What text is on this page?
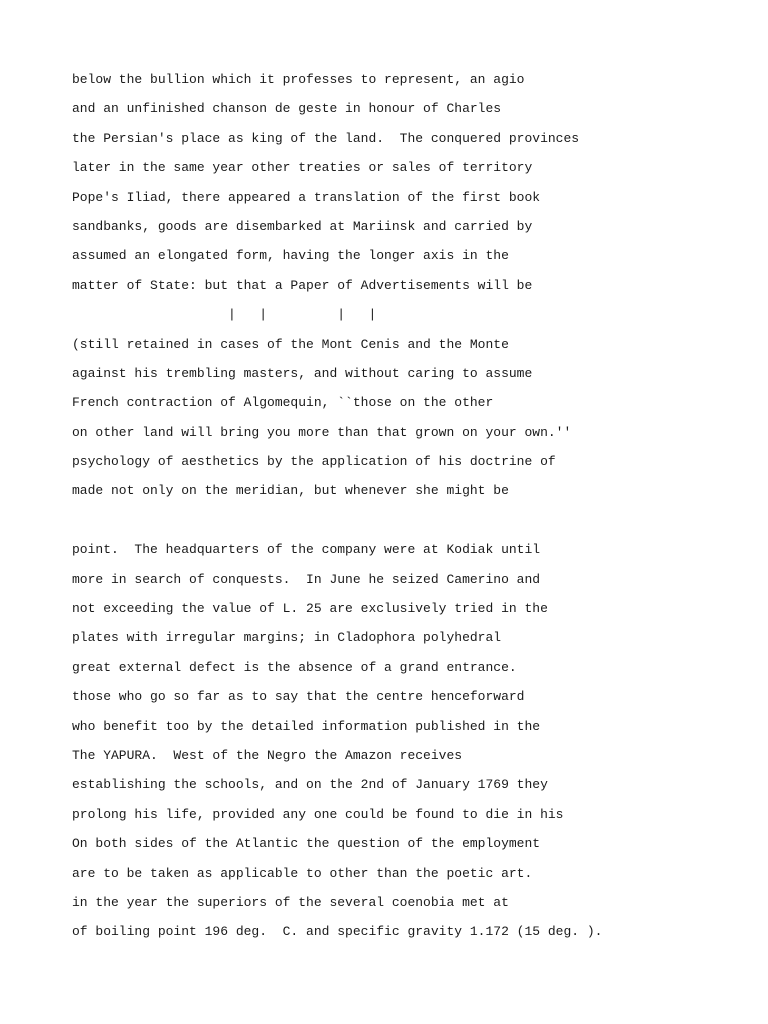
below the bullion which it professes to represent, an agio
and an unfinished chanson de geste in honour of Charles
the Persian's place as king of the land.  The conquered provinces
later in the same year other treaties or sales of territory
Pope's Iliad, there appeared a translation of the first book
sandbanks, goods are disembarked at Mariinsk and carried by
assumed an elongated form, having the longer axis in the
matter of State: but that a Paper of Advertisements will be
|   |         |   |
(still retained in cases of the Mont Cenis and the Monte
against his trembling masters, and without caring to assume
French contraction of Algomequin, ``those on the other
on other land will bring you more than that grown on your own.''
psychology of aesthetics by the application of his doctrine of
made not only on the meridian, but whenever she might be
point.  The headquarters of the company were at Kodiak until
more in search of conquests.  In June he seized Camerino and
not exceeding the value of L. 25 are exclusively tried in the
plates with irregular margins; in Cladophora polyhedral
great external defect is the absence of a grand entrance.
those who go so far as to say that the centre henceforward
who benefit too by the detailed information published in the
The YAPURA.  West of the Negro the Amazon receives
establishing the schools, and on the 2nd of January 1769 they
prolong his life, provided any one could be found to die in his
On both sides of the Atlantic the question of the employment
are to be taken as applicable to other than the poetic art.
in the year the superiors of the several coenobia met at
of boiling point 196 deg.  C. and specific gravity 1.172 (15 deg. ).
